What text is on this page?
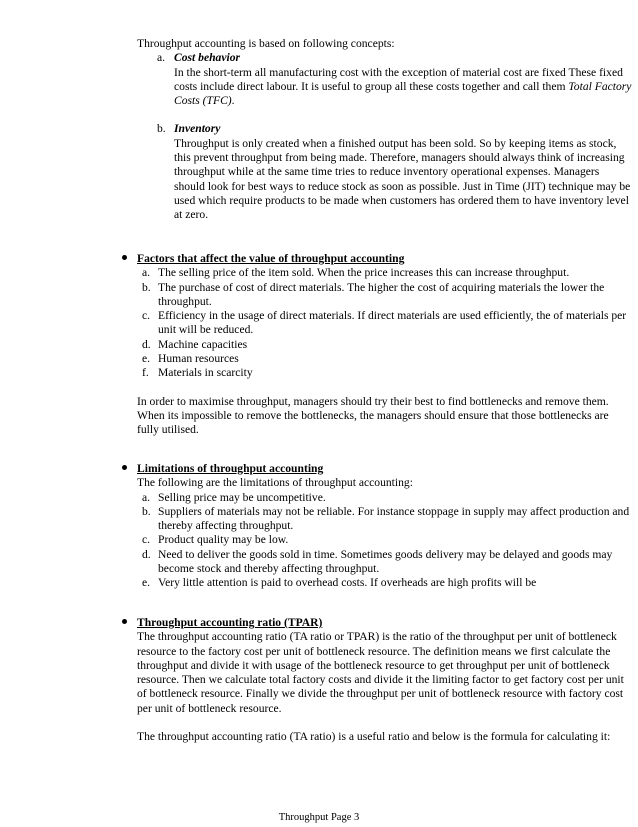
Throughput accounting is based on following concepts:
a. Cost behavior
In the short-term all manufacturing cost with the exception of material cost are fixed These fixed costs include direct labour. It is useful to group all these costs together and call them Total Factory Costs (TFC).
b. Inventory
Throughput is only created when a finished output has been sold. So by keeping items as stock, this prevent throughput from being made. Therefore, managers should always think of increasing throughput while at the same time tries to reduce inventory operational expenses. Managers should look for best ways to reduce stock as soon as possible. Just in Time (JIT) technique may be used which require products to be made when customers has ordered them to have inventory level at zero.
Factors that affect the value of throughput accounting
a. The selling price of the item sold. When the price increases this can increase throughput.
b. The purchase of cost of direct materials. The higher the cost of acquiring materials the lower the throughput.
c. Efficiency in the usage of direct materials. If direct materials are used efficiently, the of materials per unit will be reduced.
d. Machine capacities
e. Human resources
f. Materials in scarcity
In order to maximise throughput, managers should try their best to find bottlenecks and remove them. When its impossible to remove the bottlenecks, the managers should ensure that those bottlenecks are fully utilised.
Limitations of throughput accounting
The following are the limitations of throughput accounting:
a. Selling price may be uncompetitive.
b. Suppliers of materials may not be reliable. For instance stoppage in supply may affect production and thereby affecting throughput.
c. Product quality may be low.
d. Need to deliver the goods sold in time. Sometimes goods delivery may be delayed and goods may become stock and thereby affecting throughput.
e. Very little attention is paid to overhead costs. If overheads are high profits will be
Throughput accounting ratio (TPAR)
The throughput accounting ratio (TA ratio or TPAR) is the ratio of the throughput per unit of bottleneck resource to the factory cost per unit of bottleneck resource. The definition means we first calculate the throughput and divide it with usage of the bottleneck resource to get throughput per unit of bottleneck resource. Then we calculate total factory costs and divide it the limiting factor to get factory cost per unit of bottleneck resource. Finally we divide the throughput per unit of bottleneck resource with factory cost per unit of bottleneck resource.
The throughput accounting ratio (TA ratio) is a useful ratio and below is the formula for calculating it:
Throughput Page 3
